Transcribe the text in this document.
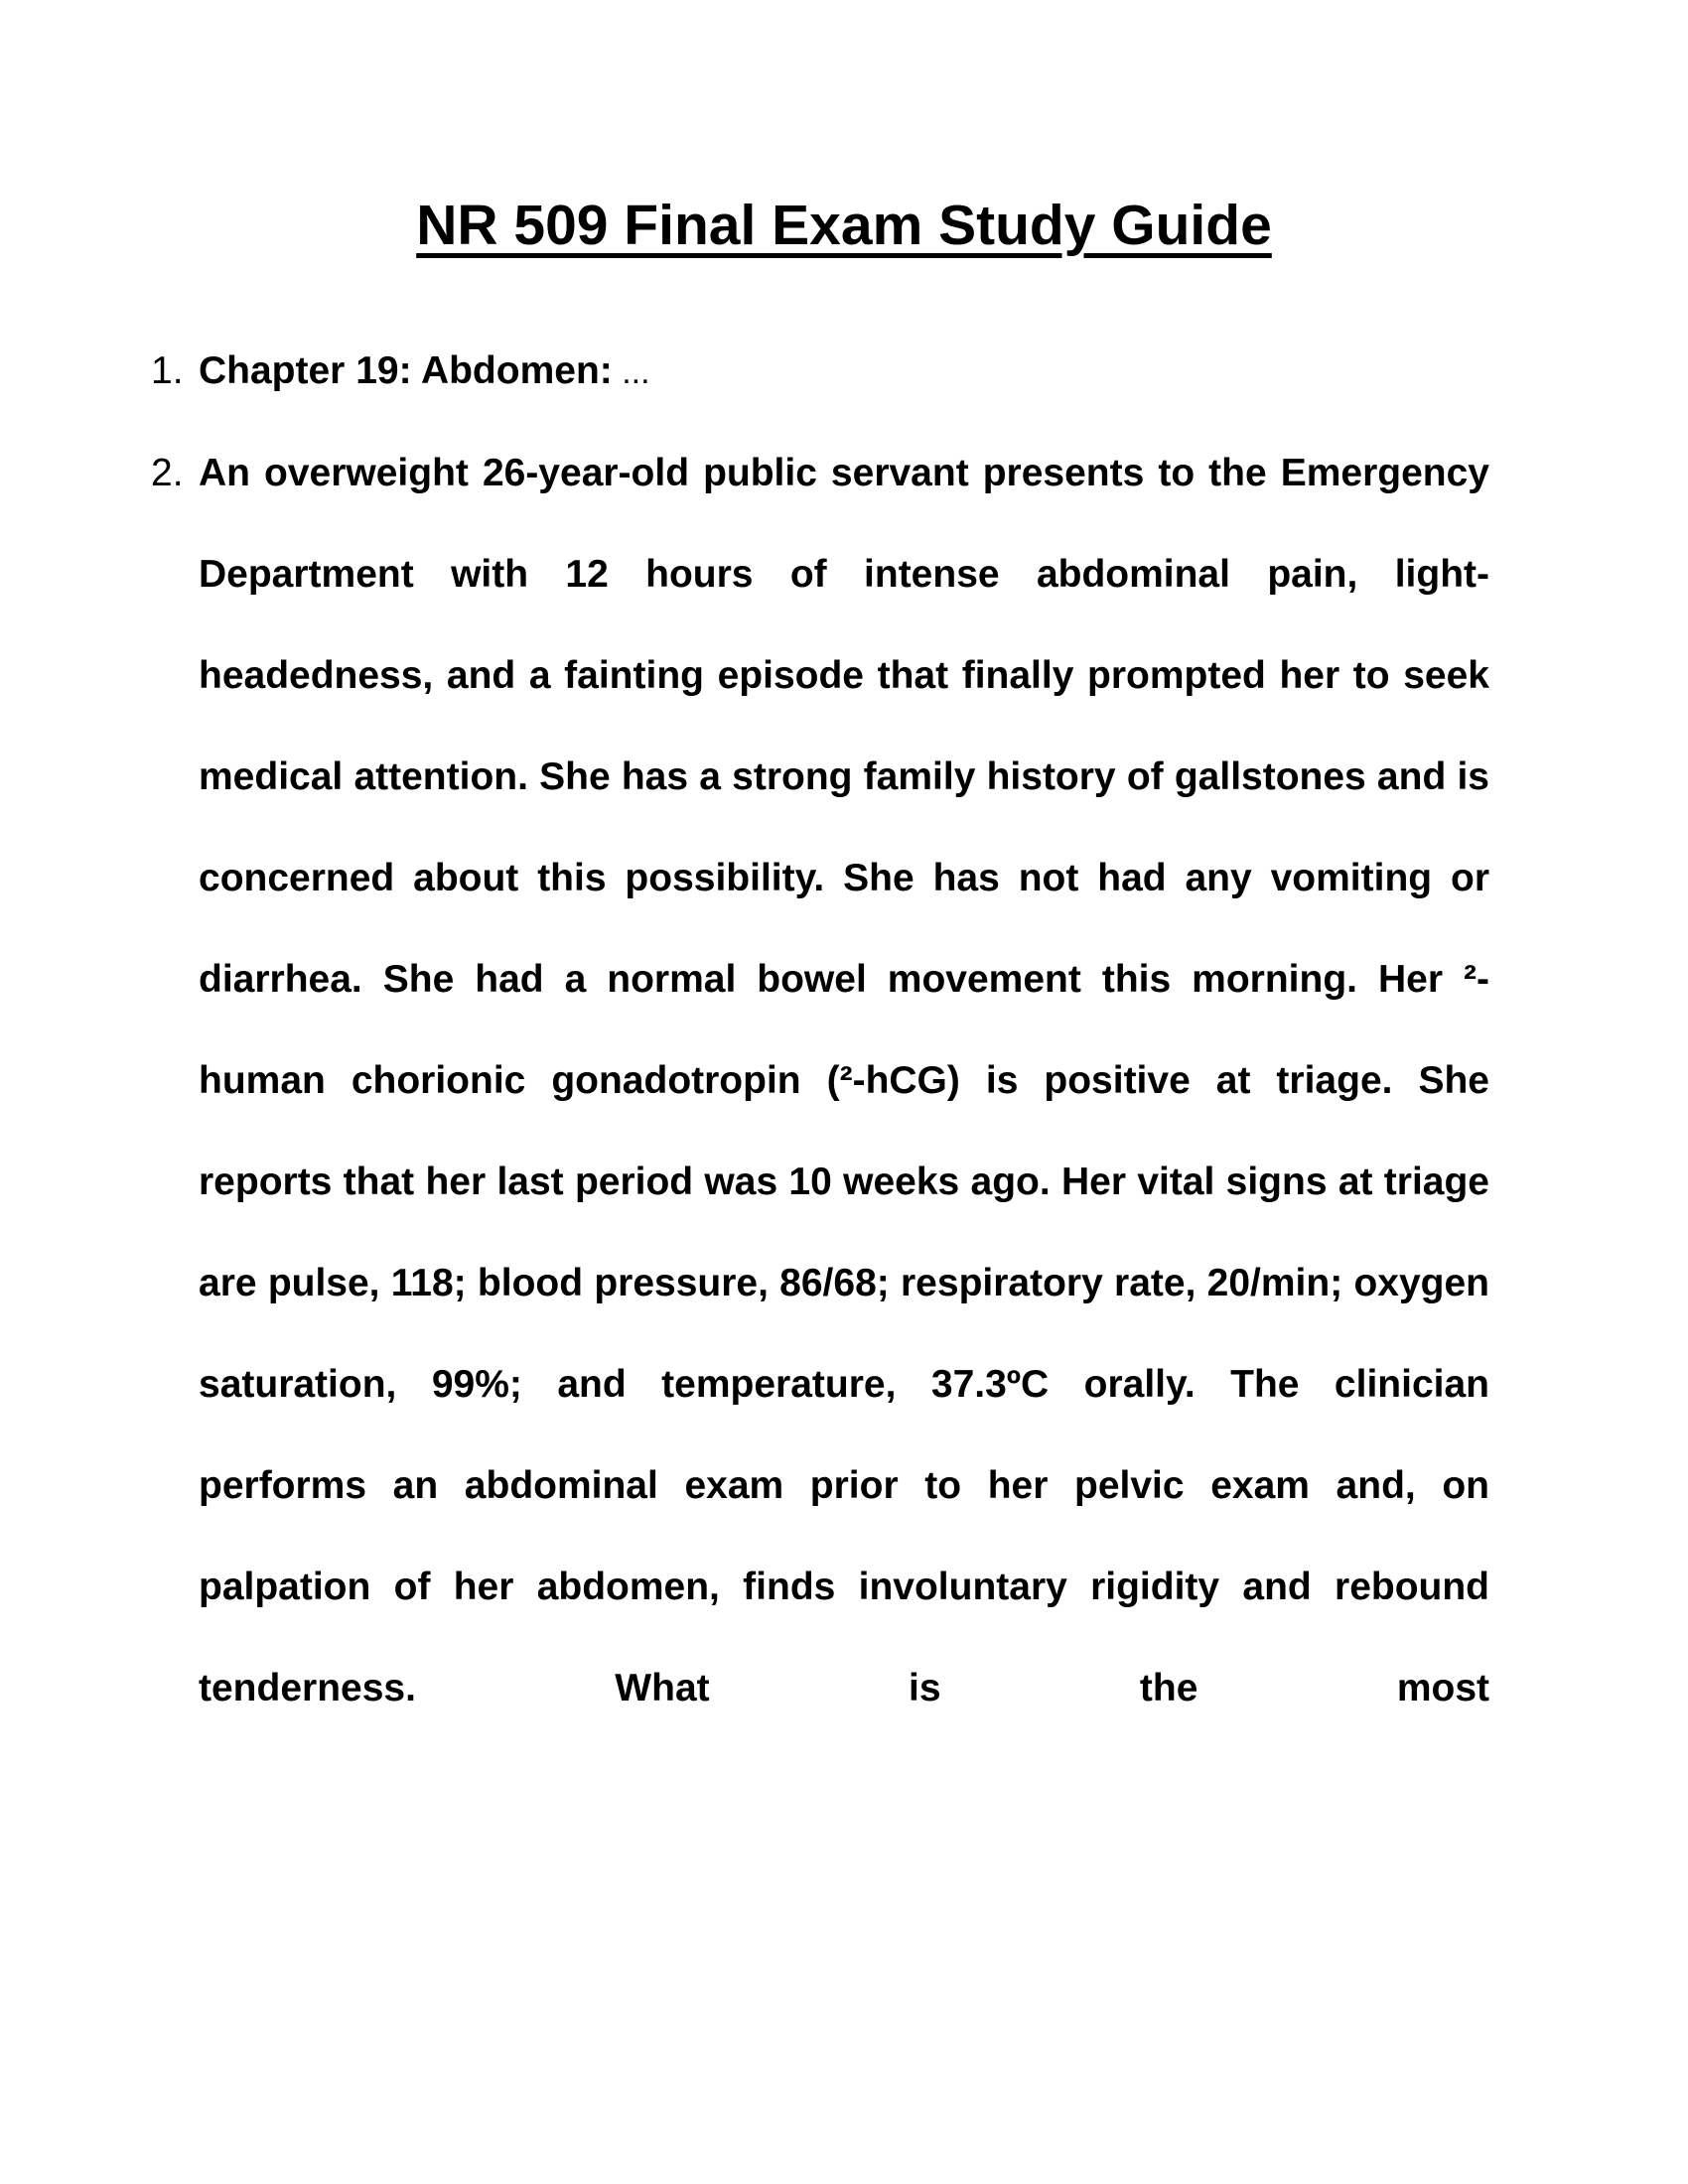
NR 509 Final Exam Study Guide
1. Chapter 19: Abdomen: ...
2. An overweight 26-year-old public servant presents to the Emergency Department with 12 hours of intense abdominal pain, light-headedness, and a fainting episode that finally prompted her to seek medical attention. She has a strong family history of gallstones and is concerned about this possibility. She has not had any vomiting or diarrhea. She had a normal bowel movement this morning. Her ²-human chorionic gonadotropin (²-hCG) is positive at triage. She reports that her last period was 10 weeks ago. Her vital signs at triage are pulse, 118; blood pressure, 86/68; respiratory rate, 20/min; oxygen saturation, 99%; and temperature, 37.3ºC orally. The clinician performs an abdominal exam prior to her pelvic exam and, on palpation of her abdomen, finds involuntary rigidity and rebound tenderness. What is the most
